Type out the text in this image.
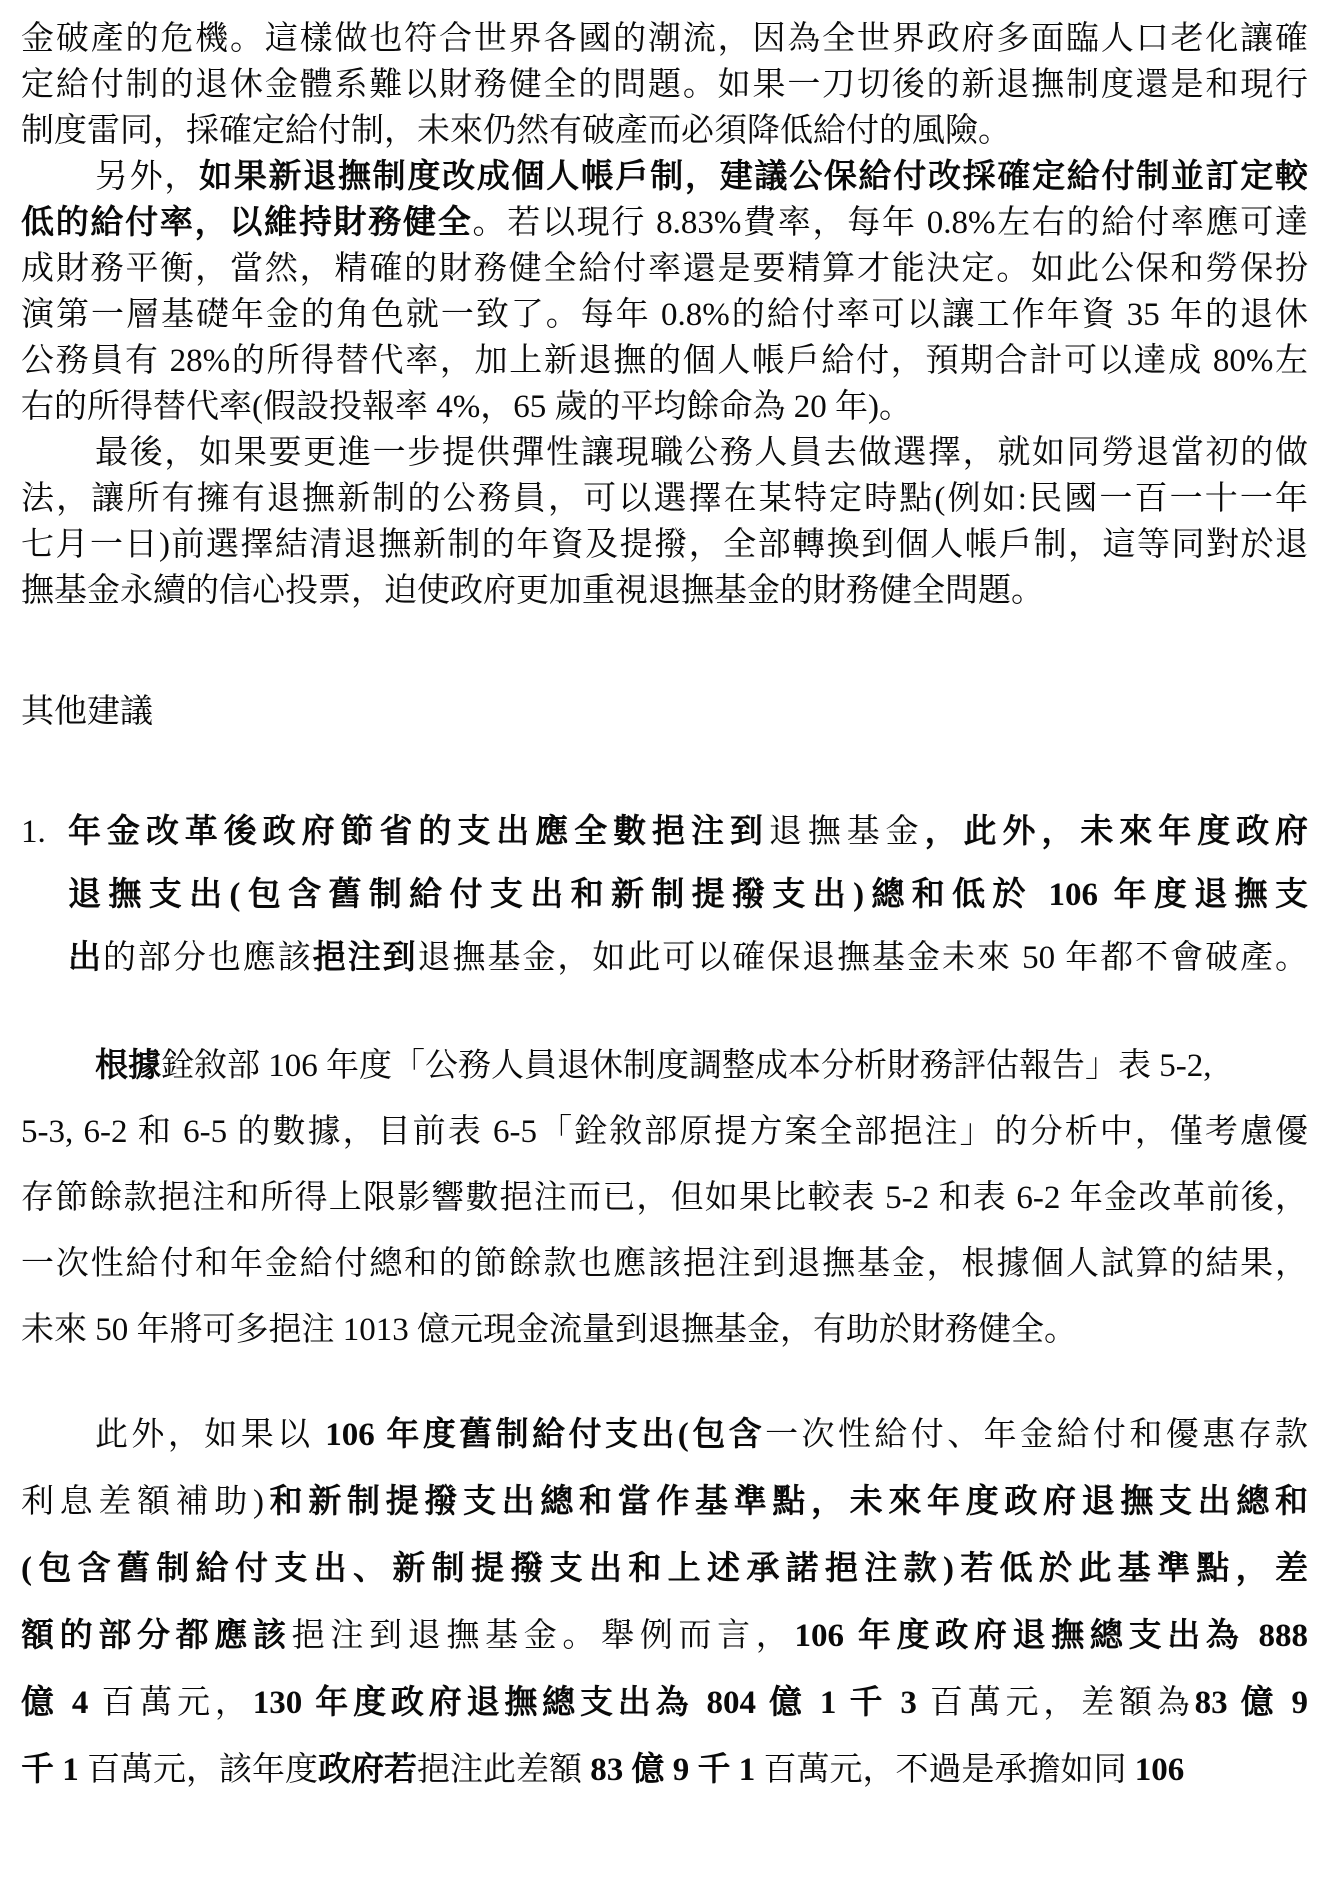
金破產的危機。這樣做也符合世界各國的潮流，因為全世界政府多面臨人口老化讓確
定給付制的退休金體系難以財務健全的問題。如果一刀切後的新退撫制度還是和現行
制度雷同，採確定給付制，未來仍然有破產而必須降低給付的風險。
另外，如果新退撫制度改成個人帳戶制，建議公保給付改採確定給付制並訂定較
低的給付率，以維持財務健全。若以現行 8.83%費率，每年 0.8%左右的給付率應可達
成財務平衡，當然，精確的財務健全給付率還是要精算才能決定。如此公保和勞保扮
演第一層基礎年金的角色就一致了。每年 0.8%的給付率可以讓工作年資 35 年的退休
公務員有 28%的所得替代率，加上新退撫的個人帳戶給付，預期合計可以達成 80%左
右的所得替代率(假設投報率 4%，65 歲的平均餘命為 20 年)。
最後，如果要更進一步提供彈性讓現職公務人員去做選擇，就如同勞退當初的做
法，讓所有擁有退撫新制的公務員，可以選擇在某特定時點(例如:民國一百一十一年
七月一日)前選擇結清退撫新制的年資及提撥，全部轉換到個人帳戶制，這等同對於退
撫基金永續的信心投票，迫使政府更加重視退撫基金的財務健全問題。
其他建議
1. 年金改革後政府節省的支出應全數挹注到退撫基金，此外，未來年度政府
退撫支出(包含舊制給付支出和新制提撥支出)總和低於 106 年度退撫支
出的部分也應該挹注到退撫基金，如此可以確保退撫基金未來 50 年都不會破產。
根據銓敘部 106 年度「公務人員退休制度調整成本分析財務評估報告」表 5-2,
5-3, 6-2 和 6-5 的數據，目前表 6-5「銓敘部原提方案全部挹注」的分析中，僅考慮優
存節餘款挹注和所得上限影響數挹注而已，但如果比較表 5-2 和表 6-2 年金改革前後，
一次性給付和年金給付總和的節餘款也應該挹注到退撫基金，根據個人試算的結果，
未來 50 年將可多挹注 1013 億元現金流量到退撫基金，有助於財務健全。
此外，如果以 106 年度舊制給付支出(包含一次性給付、年金給付和優惠存款
利息差額補助)和新制提撥支出總和當作基準點，未來年度政府退撫支出總和
(包含舊制給付支出、新制提撥支出和上述承諾挹注款)若低於此基準點，差
額的部分都應該挹注到退撫基金。舉例而言，106 年度政府退撫總支出為 888
億 4 百萬元，130 年度政府退撫總支出為 804 億 1 千 3 百萬元，差額為83 億 9
千 1 百萬元，該年度政府若挹注此差額 83 億 9 千 1 百萬元，不過是承擔如同 106
